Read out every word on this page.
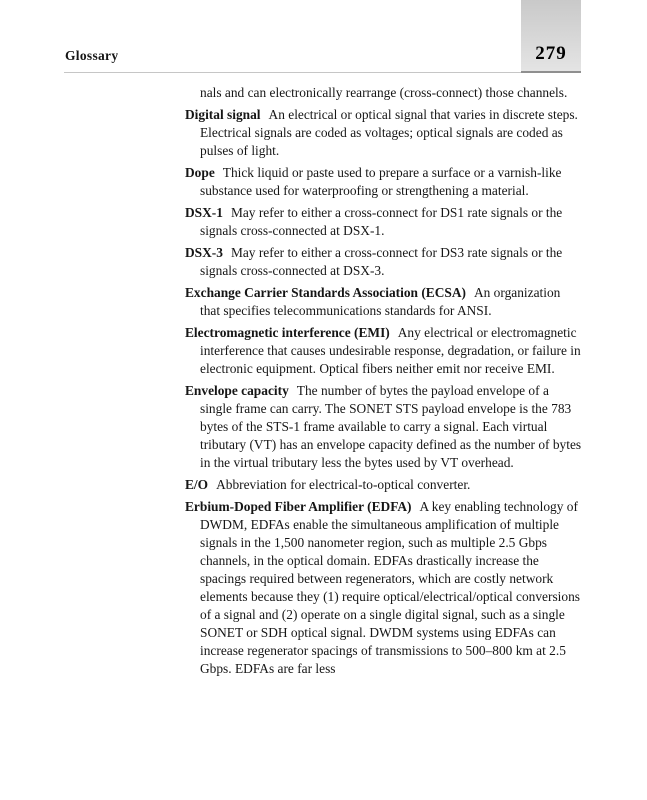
Glossary	279

nals and can electronically rearrange (cross-connect) those channels.

Digital signal An electrical or optical signal that varies in discrete steps. Electrical signals are coded as voltages; optical signals are coded as pulses of light.

Dope Thick liquid or paste used to prepare a surface or a varnish-like substance used for waterproofing or strengthening a material.

DSX-1 May refer to either a cross-connect for DS1 rate signals or the signals cross-connected at DSX-1.

DSX-3 May refer to either a cross-connect for DS3 rate signals or the signals cross-connected at DSX-3.

Exchange Carrier Standards Association (ECSA) An organization that specifies telecommunications standards for ANSI.

Electromagnetic interference (EMI) Any electrical or electromagnetic interference that causes undesirable response, degradation, or failure in electronic equipment. Optical fibers neither emit nor receive EMI.

Envelope capacity The number of bytes the payload envelope of a single frame can carry. The SONET STS payload envelope is the 783 bytes of the STS-1 frame available to carry a signal. Each virtual tributary (VT) has an envelope capacity defined as the number of bytes in the virtual tributary less the bytes used by VT overhead.

E/O Abbreviation for electrical-to-optical converter.

Erbium-Doped Fiber Amplifier (EDFA) A key enabling technology of DWDM, EDFAs enable the simultaneous amplification of multiple signals in the 1,500 nanometer region, such as multiple 2.5 Gbps channels, in the optical domain. EDFAs drastically increase the spacings required between regenerators, which are costly network elements because they (1) require optical/electrical/optical conversions of a signal and (2) operate on a single digital signal, such as a single SONET or SDH optical signal. DWDM systems using EDFAs can increase regenerator spacings of transmissions to 500–800 km at 2.5 Gbps. EDFAs are far less
